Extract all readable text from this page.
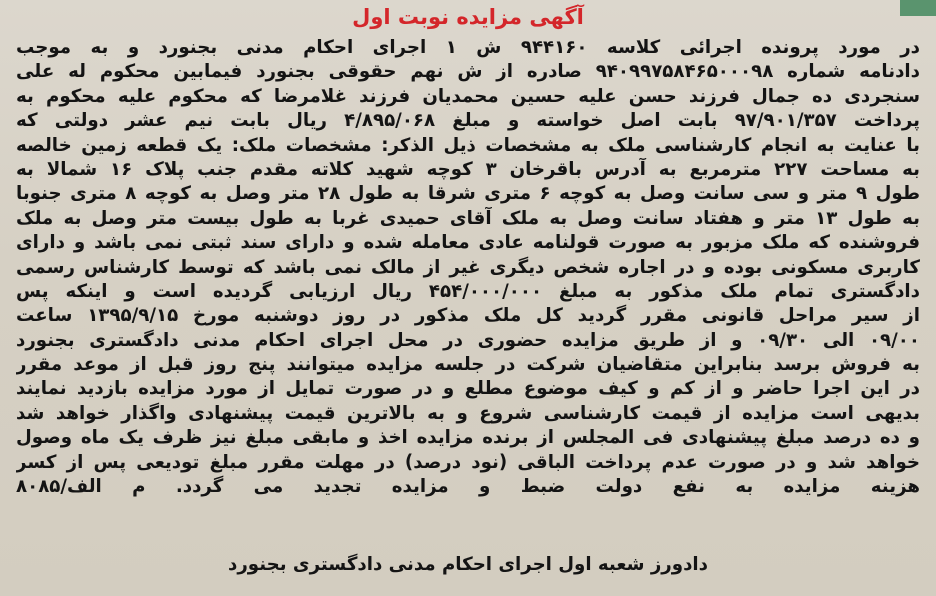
آگهی مزایده نوبت اول
در مورد پرونده اجرائی کلاسه ۹۴۴۱۶۰ ش ۱ اجرای احکام مدنی بجنورد و به موجب
دادنامه شماره ۹۴۰۹۹۷۵۸۴۶۵۰۰۰۹۸ صادره از ش نهم حقوقی بجنورد فیمابین محکوم له علی
سنجردی ده جمال فرزند حسن علیه حسین محمدیان فرزند غلامرضا که محکوم علیه محکوم به
پرداخت ۹۷/۹۰۱/۳۵۷ بابت اصل خواسته و مبلغ ۴/۸۹۵/۰۶۸ ریال بابت نیم عشر دولتی که
با عنایت به انجام کارشناسی ملک به مشخصات ذیل الذکر: مشخصات ملک: یک قطعه زمین خالصه
به مساحت ۲۲۷ مترمربع به آدرس باقرخان ۳ کوچه شهید کلاته مقدم جنب پلاک ۱۶ شمالا به
طول ۹ متر و سی سانت وصل به کوچه ۶ متری شرقا به طول ۲۸ متر وصل به کوچه ۸ متری جنوبا
به طول ۱۳ متر و هفتاد سانت وصل به ملک آقای حمیدی غربا به طول بیست متر وصل به ملک
فروشنده که ملک مزبور به صورت قولنامه عادی معامله شده و دارای سند ثبتی نمی باشد و دارای
کاربری مسکونی بوده و در اجاره شخص دیگری غیر از مالک نمی باشد که توسط کارشناس رسمی
دادگستری تمام ملک مذکور به مبلغ ۴۵۴/۰۰۰/۰۰۰ ریال ارزیابی گردیده است و اینکه پس
از سیر مراحل قانونی مقرر گردید کل ملک مذکور در روز دوشنبه مورخ ۱۳۹۵/۹/۱۵ ساعت
۰۹/۰۰ الی ۰۹/۳۰ و از طریق مزایده حضوری در محل اجرای احکام مدنی دادگستری بجنورد
به فروش برسد بنابراین متقاضیان شرکت در جلسه مزایده میتوانند پنج روز قبل از موعد مقرر
در این اجرا حاضر و از کم و کیف موضوع مطلع و در صورت تمایل از مورد مزایده بازدید نمایند
بدیهی است مزایده از قیمت کارشناسی شروع و به بالاترین قیمت پیشنهادی واگذار خواهد شد
و ده درصد مبلغ پیشنهادی فی المجلس از برنده مزایده اخذ و مابقی مبلغ نیز ظرف یک ماه وصول
خواهد شد و در صورت عدم پرداخت الباقی (نود درصد) در مهلت مقرر مبلغ تودیعی پس از کسر
هزینه مزایده به نفع دولت ضبط و مزایده تجدید می گردد. م الف/۸۰۸۵
دادورز شعبه اول اجرای احکام مدنی دادگستری بجنورد
